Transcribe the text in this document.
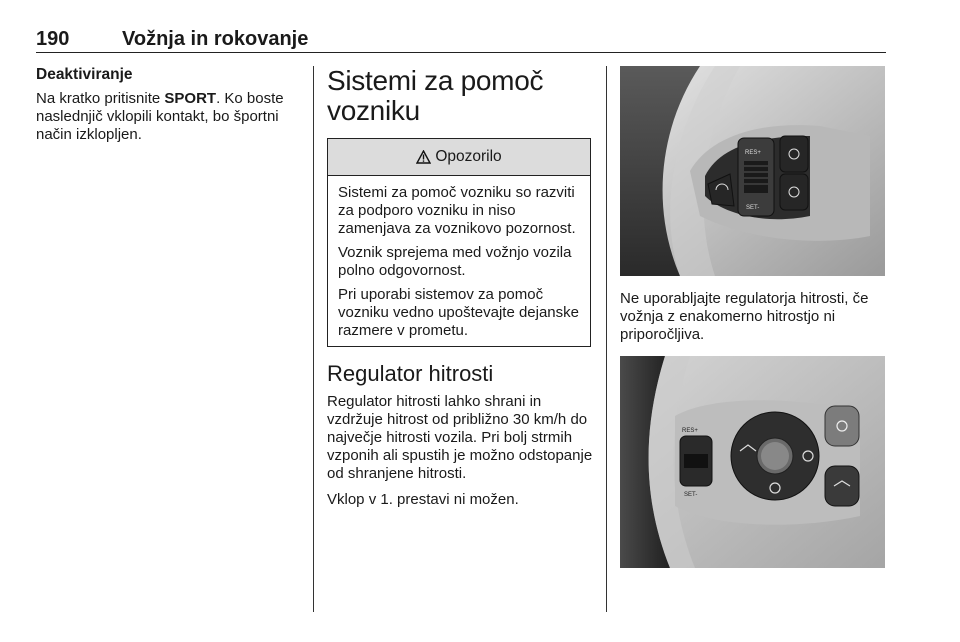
190	Vožnja in rokovanje
Deaktiviranje

Na kratko pritisnite SPORT. Ko boste naslednjič vklopili kontakt, bo športni način izklopljen.

Sistemi za pomoč
vozniku
Opozorilo

Sistemi za pomoč vozniku so razviti za podporo vozniku in niso zamenjava za voznikovo pozornost.

Voznik sprejema med vožnjo vozila polno odgovornost.

Pri uporabi sistemov za pomoč vozniku vedno upoštevajte dejanske razmere v prometu.

Regulator hitrosti

Regulator hitrosti lahko shrani in vzdržuje hitrost od približno 30 km/h do največje hitrosti vozila. Pri bolj strmih vzponih ali spustih je možno odstopanje od shranjene hitrosti.

Vklop v 1. prestavi ni možen.

RES+
SET-

Ne uporabljajte regulatorja hitrosti, če vožnja z enakomerno hitrostjo ni priporočljiva.

RES+
SET-
